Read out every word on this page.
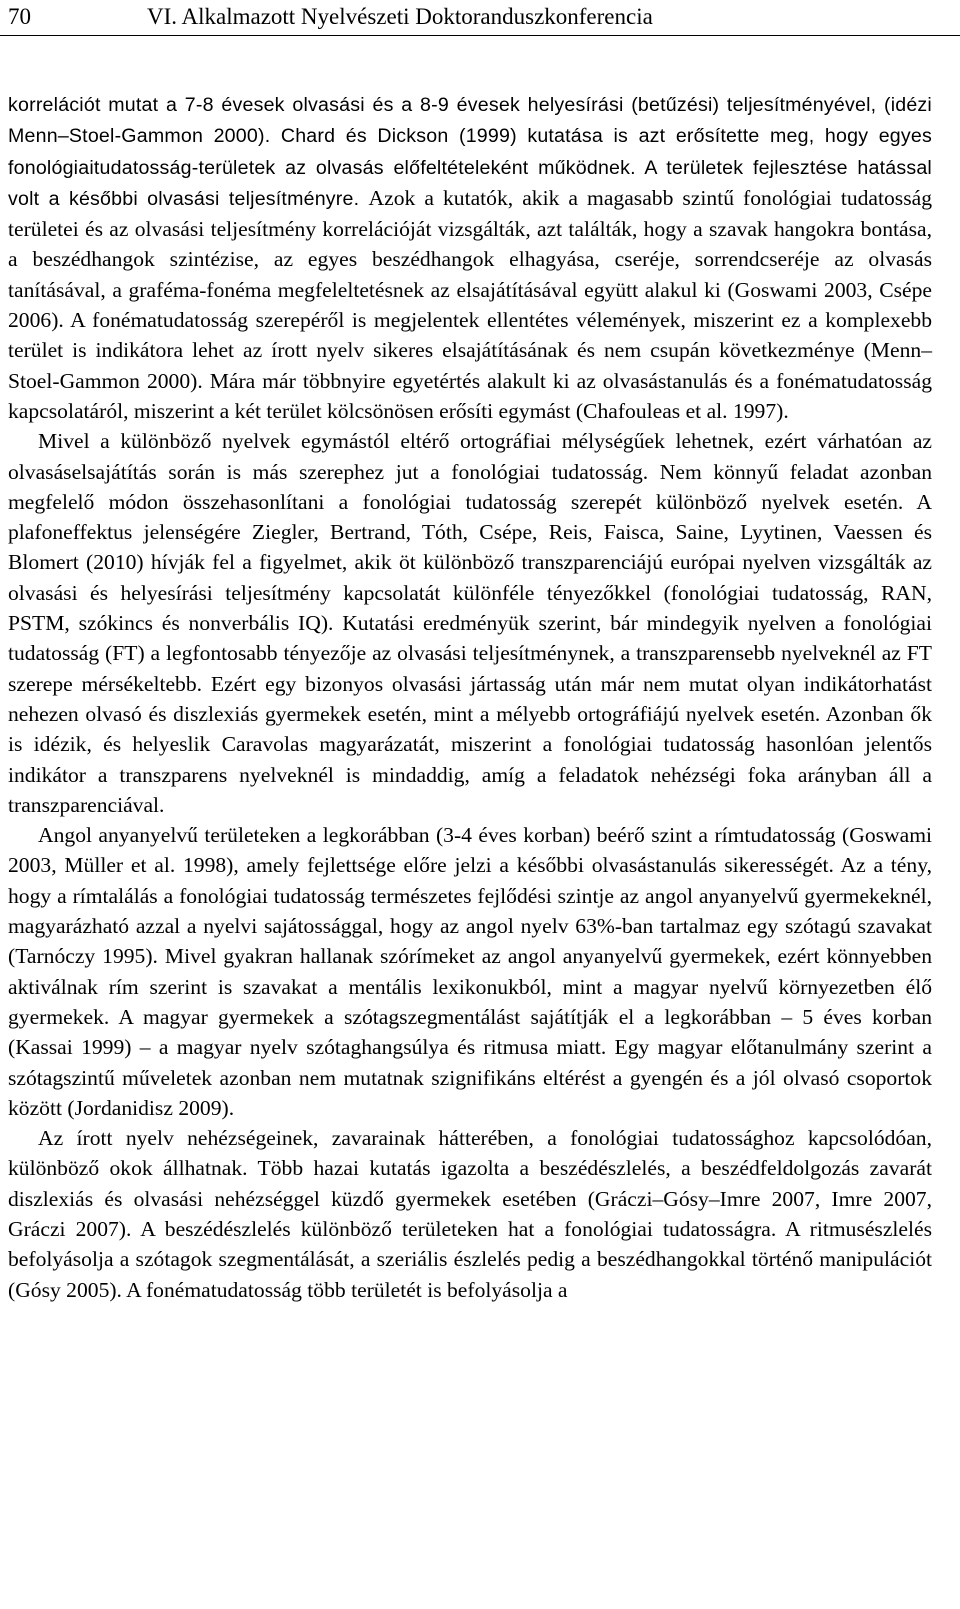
70	VI. Alkalmazott Nyelvészeti Doktoranduszkonferencia

korrelációt mutat a 7-8 évesek olvasási és a 8-9 évesek helyesírási (betűzési) teljesítményével, (idézi Menn–Stoel-Gammon 2000). Chard és Dickson (1999) kutatása is azt erősítette meg, hogy egyes fonológiaitudatosság-területek az olvasás előfeltételeként működnek. A területek fejlesztése hatással volt a későbbi olvasási teljesítményre. Azok a kutatók, akik a magasabb szintű fonológiai tudatosság területei és az olvasási teljesítmény korrelációját vizsgálták, azt találták, hogy a szavak hangokra bontása, a beszédhangok szintézise, az egyes beszédhangok elhagyása, cseréje, sorrendcseréje az olvasás tanításával, a graféma-fonéma megfeleltetésnek az elsajátításával együtt alakul ki (Goswami 2003, Csépe 2006). A fonématudatosság szerepéről is megjelentek ellentétes vélemények, miszerint ez a komplexebb terület is indikátora lehet az írott nyelv sikeres elsajátításának és nem csupán következménye (Menn–Stoel-Gammon 2000). Mára már többnyire egyetértés alakult ki az olvasástanulás és a fonématudatosság kapcsolatáról, miszerint a két terület kölcsönösen erősíti egymást (Chafouleas et al. 1997).

Mivel a különböző nyelvek egymástól eltérő ortográfiai mélységűek lehetnek, ezért várhatóan az olvasáselsajátítás során is más szerephez jut a fonológiai tudatosság. Nem könnyű feladat azonban megfelelő módon összehasonlítani a fonológiai tudatosság szerepét különböző nyelvek esetén. A plafoneffektus jelenségére Ziegler, Bertrand, Tóth, Csépe, Reis, Faisca, Saine, Lyytinen, Vaessen és Blomert (2010) hívják fel a figyelmet, akik öt különböző transzparenciájú európai nyelven vizsgálták az olvasási és helyesírási teljesítmény kapcsolatát különféle tényezőkkel (fonológiai tudatosság, RAN, PSTM, szókincs és nonverbális IQ). Kutatási eredményük szerint, bár mindegyik nyelven a fonológiai tudatosság (FT) a legfontosabb tényezője az olvasási teljesítménynek, a transzparensebb nyelveknél az FT szerepe mérsékeltebb. Ezért egy bizonyos olvasási jártasság után már nem mutat olyan indikátorhatást nehezen olvasó és diszlexiás gyermekek esetén, mint a mélyebb ortográfiájú nyelvek esetén. Azonban ők is idézik, és helyeslik Caravolas magyarázatát, miszerint a fonológiai tudatosság hasonlóan jelentős indikátor a transzparens nyelveknél is mindaddig, amíg a feladatok nehézségi foka arányban áll a transzparenciával.

Angol anyanyelvű területeken a legkorábban (3-4 éves korban) beérő szint a rímtudatosság (Goswami 2003, Müller et al. 1998), amely fejlettsége előre jelzi a későbbi olvasástanulás sikerességét. Az a tény, hogy a rímtalálás a fonológiai tudatosság természetes fejlődési szintje az angol anyanyelvű gyermekeknél, magyarázható azzal a nyelvi sajátossággal, hogy az angol nyelv 63%-ban tartalmaz egy szótagú szavakat (Tarnóczy 1995). Mivel gyakran hallanak szórímeket az angol anyanyelvű gyermekek, ezért könnyebben aktiválnak rím szerint is szavakat a mentális lexikonukból, mint a magyar nyelvű környezetben élő gyermekek. A magyar gyermekek a szótagszegmentálást sajátítják el a legkorábban – 5 éves korban (Kassai 1999) – a magyar nyelv szótaghangsúlya és ritmusa miatt. Egy magyar előtanulmány szerint a szótagszintű műveletek azonban nem mutatnak szignifikáns eltérést a gyengén és a jól olvasó csoportok között (Jordanidisz 2009).

Az írott nyelv nehézségeinek, zavarainak hátterében, a fonológiai tudatossághoz kapcsolódóan, különböző okok állhatnak. Több hazai kutatás igazolta a beszédészlelés, a beszédfeldolgozás zavarát diszlexiás és olvasási nehézséggel küzdő gyermekek esetében (Gráczi–Gósy–Imre 2007, Imre 2007, Gráczi 2007). A beszédészlelés különböző területeken hat a fonológiai tudatosságra. A ritmusészlelés befolyásolja a szótagok szegmentálását, a szeriális észlelés pedig a beszédhangokkal történő manipulációt (Gósy 2005). A fonématudatosság több területét is befolyásolja a
